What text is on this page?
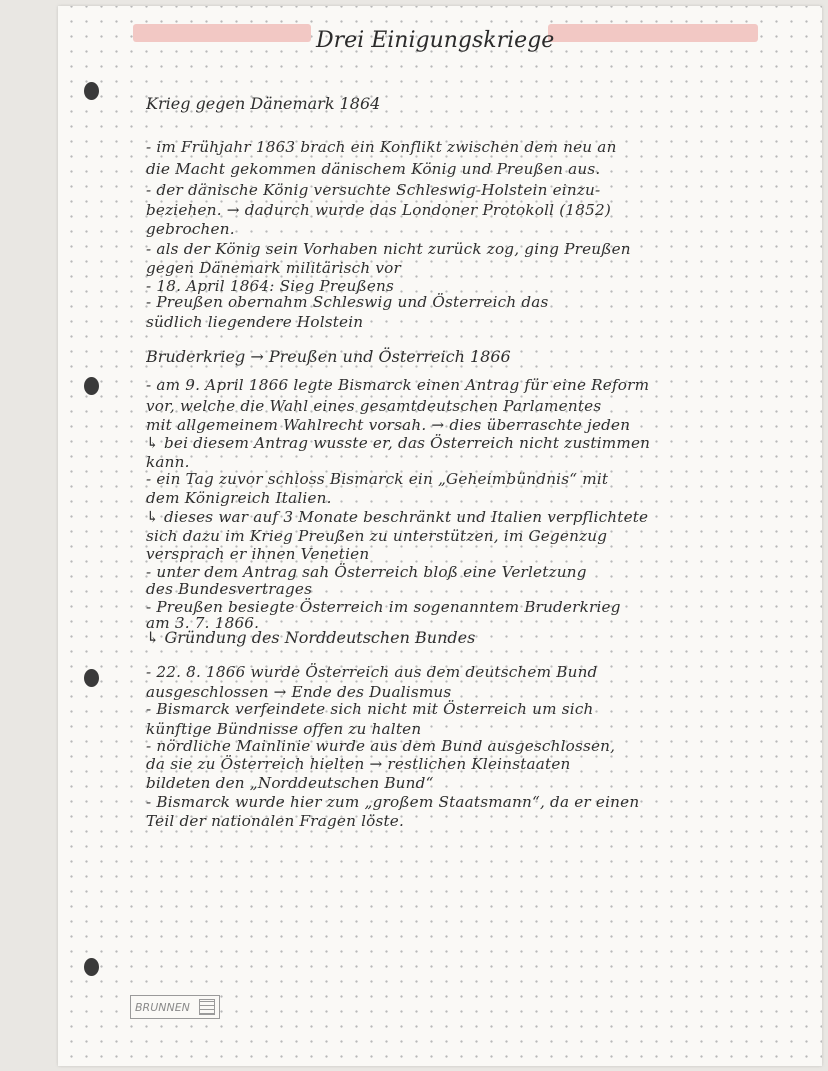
Drei Einigungskriege
Krieg gegen Dänemark 1864
- im Frühjahr 1863 brach ein Konflikt zwischen dem neu an
die Macht gekommen dänischem König und Preußen aus.
- der dänische König versuchte Schleswig-Holstein einzu-
beziehen. → dadurch wurde das Londoner Protokoll (1852)
gebrochen.
- als der König sein Vorhaben nicht zurück zog, ging Preußen
gegen Dänemark militärisch vor
- 18. April 1864: Sieg Preußens
- Preußen obernahm Schleswig und Österreich das
südlich liegendere Holstein
Bruderkrieg → Preußen und Österreich 1866
- am 9. April 1866 legte Bismarck einen Antrag für eine Reform
vor, welche die Wahl eines gesamtdeutschen Parlamentes
mit allgemeinem Wahlrecht vorsah. → dies überraschte jeden
↳ bei diesem Antrag wusste er, das Österreich nicht zustimmen
kann.
- ein Tag zuvor schloss Bismarck ein „Geheimbündnis“ mit
dem Königreich Italien.
↳ dieses war auf 3 Monate beschränkt und Italien verpflichtete
sich dazu im Krieg Preußen zu unterstützen, im Gegenzug
versprach er ihnen Venetien
- unter dem Antrag sah Österreich bloß eine Verletzung
des Bundesvertrages
- Preußen besiegte Österreich im sogenanntem Bruderkrieg
am 3. 7. 1866.
↳ Gründung des Norddeutschen Bundes
- 22. 8. 1866 wurde Österreich aus dem deutschem Bund
ausgeschlossen → Ende des Dualismus
- Bismarck verfeindete sich nicht mit Österreich um sich
künftige Bündnisse offen zu halten
- nördliche Mainlinie wurde aus dem Bund ausgeschlossen,
da sie zu Österreich hielten → restlichen Kleinstaaten
bildeten den „Norddeutschen Bund“
- Bismarck wurde hier zum „großem Staatsmann“, da er einen
Teil der nationalen Fragen löste.
BRUNNEN
